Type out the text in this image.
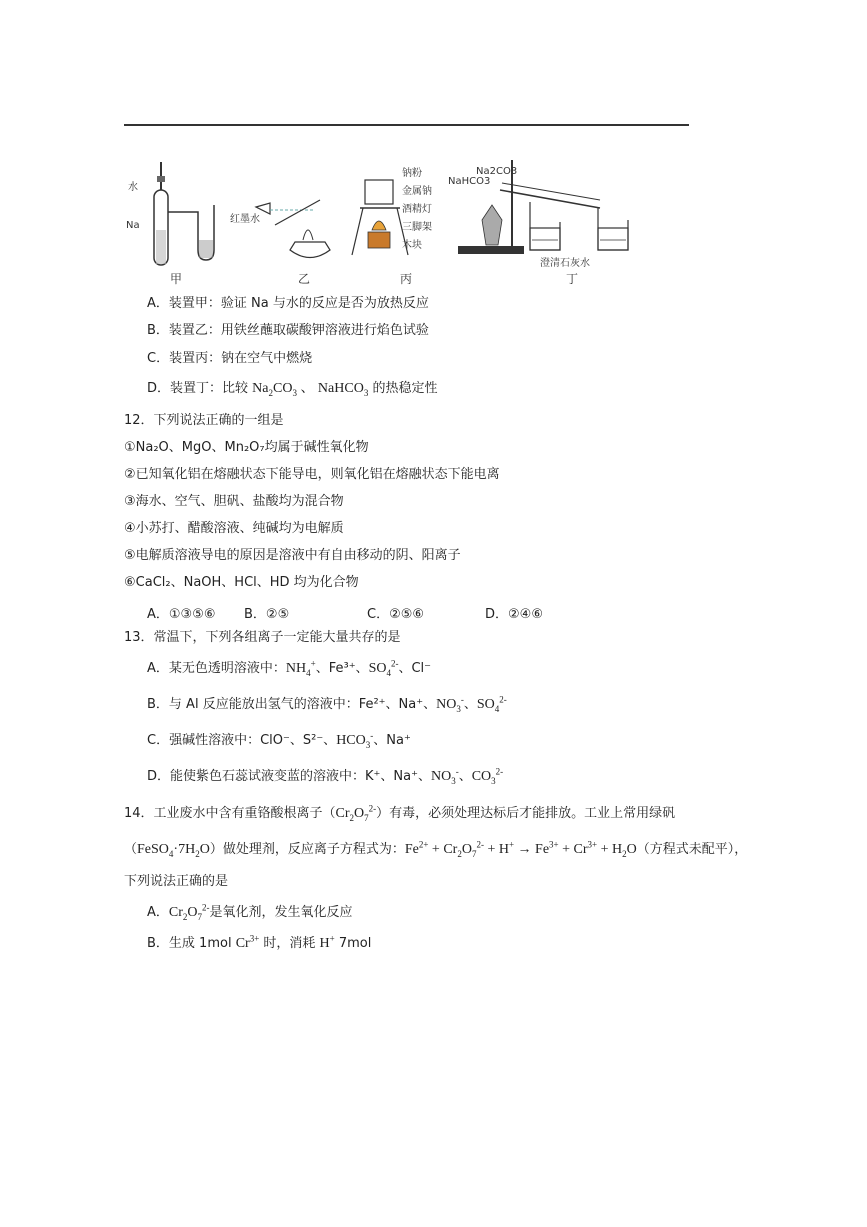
水
Na
红墨水
钠粉
金属钠
酒精灯
三脚架
木块
Na2CO3
NaHCO3
澄清石灰水
甲	乙	丙	丁
A．装置甲：验证 Na 与水的反应是否为放热反应
B．装置乙：用铁丝蘸取碳酸钾溶液进行焰色试验
C．装置丙：钠在空气中燃烧
D．装置丁：比较 $Na_2CO_3$ 、 NaHCO$_3$ 的热稳定性
12．下列说法正确的一组是
①Na₂O、MgO、Mn₂O₇均属于碱性氧化物
②已知氧化铝在熔融状态下能导电，则氧化铝在熔融状态下能电离
③海水、空气、胆矾、盐酸均为混合物
④小苏打、醋酸溶液、纯碱均为电解质
⑤电解质溶液导电的原因是溶液中有自由移动的阴、阳离子
⑥CaCl₂、NaOH、HCl、HD 均为化合物
A．①③⑤⑥ B．②⑤	C．②⑤⑥	D．②④⑥
13．常温下，下列各组离子一定能大量共存的是
A．某无色透明溶液中：$NH_4^+$、Fe³⁺、$SO_4^{2-}$、Cl⁻
B．与 Al 反应能放出氢气的溶液中：Fe²⁺、Na⁺、$NO_3^-$、$SO_4^{2-}$
C．强碱性溶液中：ClO⁻、S²⁻、$HCO_3^-$、Na⁺
D．能使紫色石蕊试液变蓝的溶液中：K⁺、Na⁺、$NO_3^-$、$CO_3^{2-}$
14．工业废水中含有重铬酸根离子$(Cr_2O_7^{2-})$有毒，必须处理达标后才能排放。工业上常用绿矾
$(FeSO_4\cdot 7H_2O)$做处理剂，反应离子方程式为：$Fe^{2+} + Cr_2O_7^{2-} + H^+ \to Fe^{3+} + Cr^{3+} + H_2O$（方程式未配平），
下列说法正确的是
A．$Cr_2O_7^{2-}$是氧化剂，发生氧化反应
B．生成 1mol $Cr^{3+}$ 时，消耗 H+ 7mol
